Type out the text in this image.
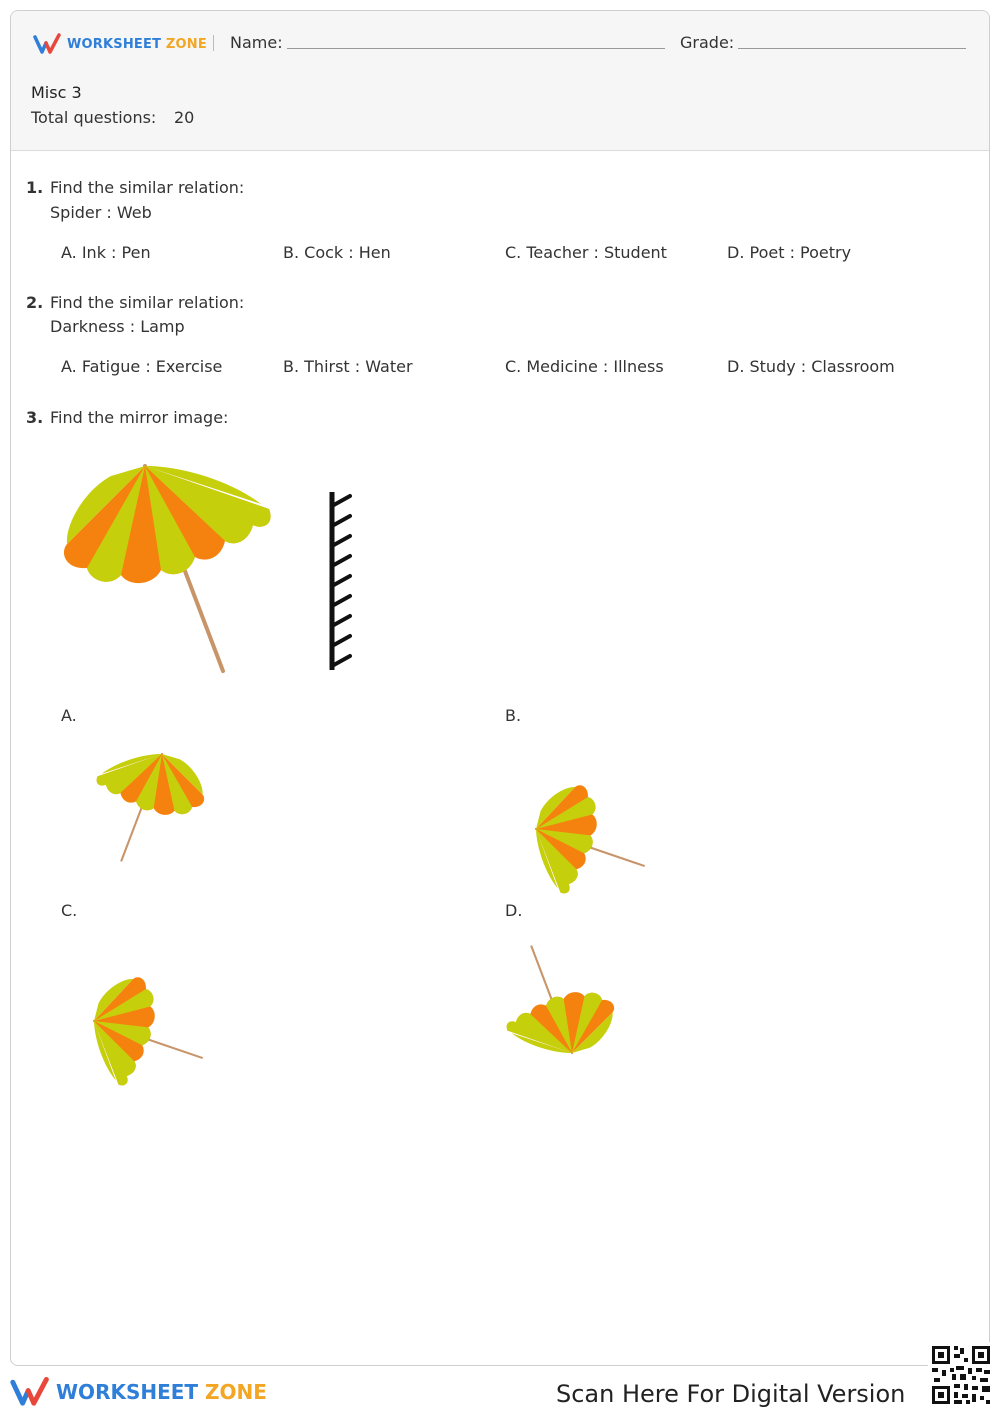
WORKSHEET ZONE Name:	Grade:
Misc 3
Total questions: 20
1. Find the similar relation:
Spider : Web
A. Ink : Pen	B. Cock : Hen	C. Teacher : Student	D. Poet : Poetry
2. Find the similar relation:
Darkness : Lamp
A. Fatigue : Exercise	B. Thirst : Water	C. Medicine : Illness	D. Study : Classroom
3. Find the mirror image:
A.	B.
C.	D.
WORKSHEET ZONE	Scan Here For Digital Version
